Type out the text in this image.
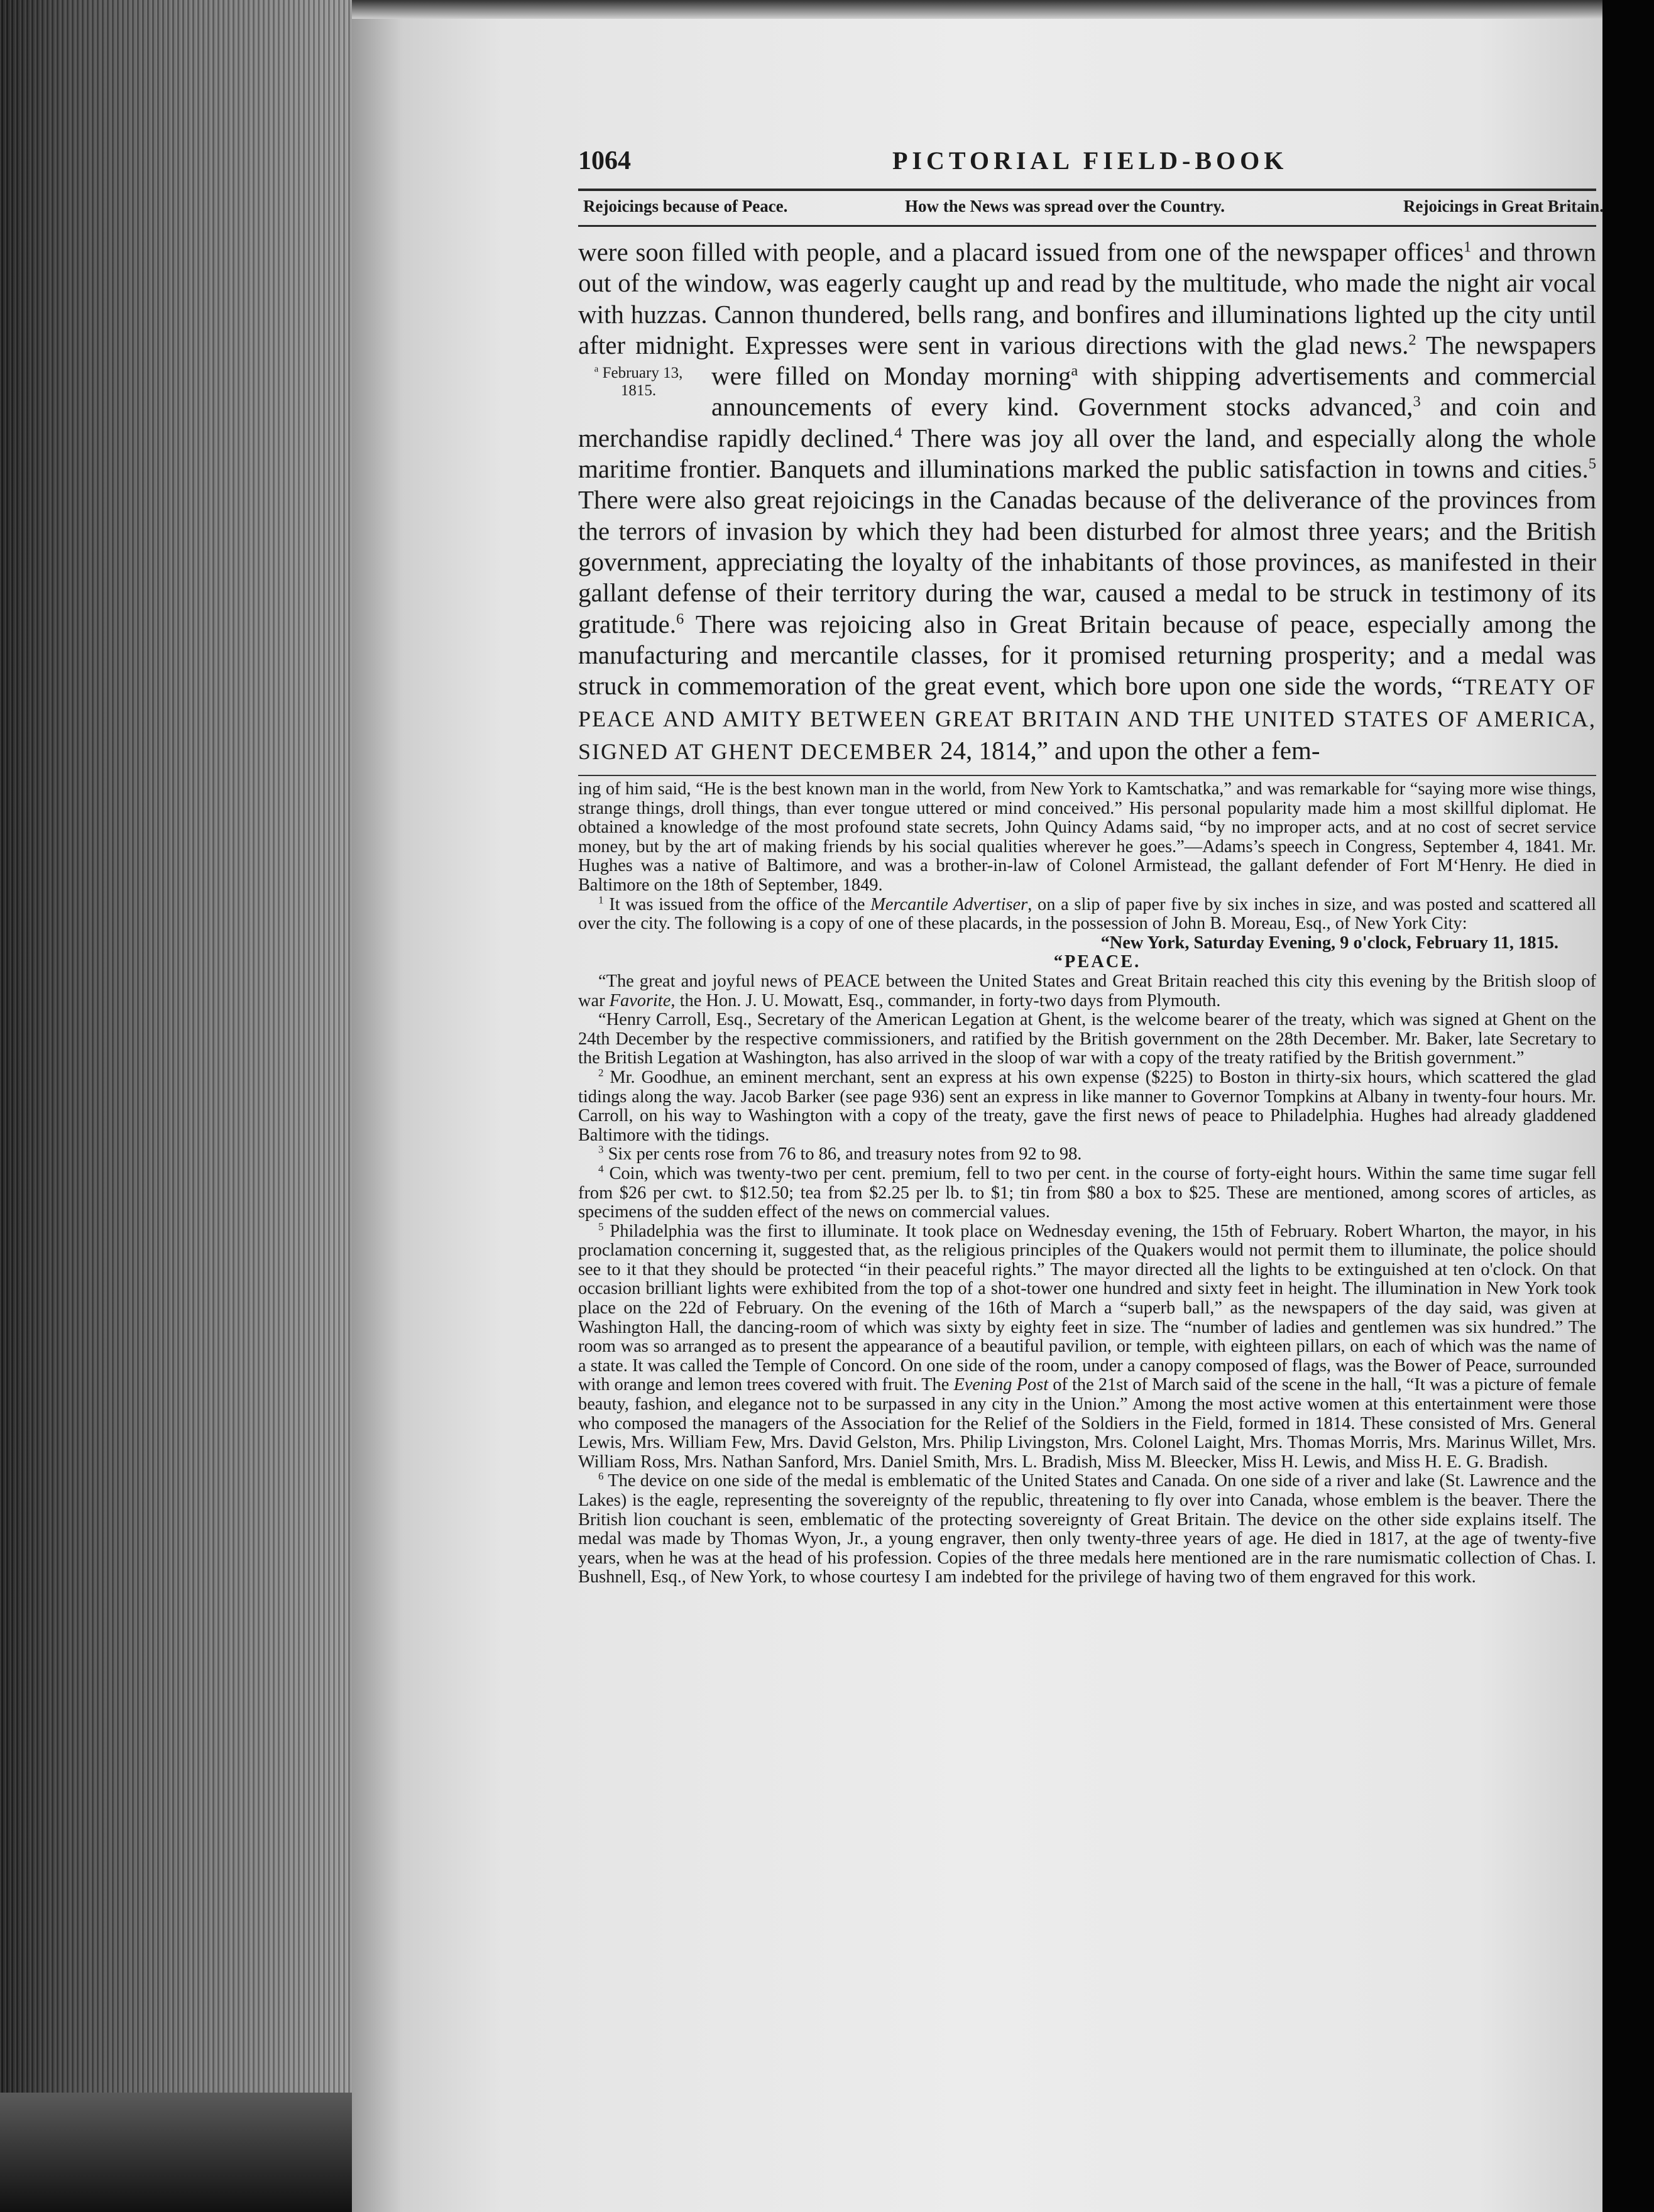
1064	PICTORIAL FIELD-BOOK
Rejoicings because of Peace.	How the News was spread over the Country.	Rejoicings in Great Britain.

were soon filled with people, and a placard issued from one of the newspaper offices$^1$ and thrown out of the window, was eagerly caught up and read by the multitude, who made the night air vocal with huzzas. Cannon thundered, bells rang, and bonfires and illuminations lighted up the city until after midnight. Expresses were sent in various directions with the glad news.$^2$ The newspapers were filled on Monday morning
$^a$ February 13,
1815.
$^a$ with shipping advertisements and commercial announcements of every kind. Government stocks advanced,$^3$ and coin and merchandise rapidly declined.$^4$ There was joy all over the land, and especially along the whole maritime frontier. Banquets and illuminations marked the public satisfaction in towns and cities.$^5$ There were also great rejoicings in the Canadas because of the deliverance of the provinces from the terrors of invasion by which they had been disturbed for almost three years; and the British government, appreciating the loyalty of the inhabitants of those provinces, as manifested in their gallant defense of their territory during the war, caused a medal to be struck in testimony of its gratitude.$^6$ There was rejoicing also in Great Britain because of peace, especially among the manufacturing and mercantile classes, for it promised returning prosperity; and a medal was struck in commemoration of the great event, which bore upon one side the words, “TREATY OF PEACE AND AMITY BETWEEN GREAT BRITAIN AND THE UNITED STATES OF AMERICA, SIGNED AT GHENT DECEMBER 24, 1814,” and upon the other a fem-

ing of him said, “He is the best known man in the world, from New York to Kamtschatka,” and was remarkable for “saying more wise things, strange things, droll things, than ever tongue uttered or mind conceived.” His personal popularity made him a most skillful diplomat. He obtained a knowledge of the most profound state secrets, John Quincy Adams said, “by no improper acts, and at no cost of secret service money, but by the art of making friends by his social qualities wherever he goes.”—Adams’s speech in Congress, September 4, 1841. Mr. Hughes was a native of Baltimore, and was a brother-in-law of Colonel Armistead, the gallant defender of Fort M‘Henry. He died in Baltimore on the 18th of September, 1849.

$^1$ It was issued from the office of the Mercantile Advertiser, on a slip of paper five by six inches in size, and was posted and scattered all over the city. The following is a copy of one of these placards, in the possession of John B. Moreau, Esq., of New York City:

“New York, Saturday Evening, 9 o'clock, February 11, 1815.

“PEACE.

“The great and joyful news of PEACE between the United States and Great Britain reached this city this evening by the British sloop of war Favorite, the Hon. J. U. Mowatt, Esq., commander, in forty-two days from Plymouth.

“Henry Carroll, Esq., Secretary of the American Legation at Ghent, is the welcome bearer of the treaty, which was signed at Ghent on the 24th December by the respective commissioners, and ratified by the British government on the 28th December. Mr. Baker, late Secretary to the British Legation at Washington, has also arrived in the sloop of war with a copy of the treaty ratified by the British government.”

$^2$ Mr. Goodhue, an eminent merchant, sent an express at his own expense ($225) to Boston in thirty-six hours, which scattered the glad tidings along the way. Jacob Barker (see page 936) sent an express in like manner to Governor Tompkins at Albany in twenty-four hours. Mr. Carroll, on his way to Washington with a copy of the treaty, gave the first news of peace to Philadelphia. Hughes had already gladdened Baltimore with the tidings.

$^3$ Six per cents rose from 76 to 86, and treasury notes from 92 to 98.

$^4$ Coin, which was twenty-two per cent. premium, fell to two per cent. in the course of forty-eight hours. Within the same time sugar fell from $26 per cwt. to $12.50; tea from $2.25 per lb. to $1; tin from $80 a box to $25. These are mentioned, among scores of articles, as specimens of the sudden effect of the news on commercial values.

$^5$ Philadelphia was the first to illuminate. It took place on Wednesday evening, the 15th of February. Robert Wharton, the mayor, in his proclamation concerning it, suggested that, as the religious principles of the Quakers would not permit them to illuminate, the police should see to it that they should be protected “in their peaceful rights.” The mayor directed all the lights to be extinguished at ten o'clock. On that occasion brilliant lights were exhibited from the top of a shot-tower one hundred and sixty feet in height. The illumination in New York took place on the 22d of February. On the evening of the 16th of March a “superb ball,” as the newspapers of the day said, was given at Washington Hall, the dancing-room of which was sixty by eighty feet in size. The “number of ladies and gentlemen was six hundred.” The room was so arranged as to present the appearance of a beautiful pavilion, or temple, with eighteen pillars, on each of which was the name of a state. It was called the Temple of Concord. On one side of the room, under a canopy composed of flags, was the Bower of Peace, surrounded with orange and lemon trees covered with fruit. The Evening Post of the 21st of March said of the scene in the hall, “It was a picture of female beauty, fashion, and elegance not to be surpassed in any city in the Union.” Among the most active women at this entertainment were those who composed the managers of the Association for the Relief of the Soldiers in the Field, formed in 1814. These consisted of Mrs. General Lewis, Mrs. William Few, Mrs. David Gelston, Mrs. Philip Livingston, Mrs. Colonel Laight, Mrs. Thomas Morris, Mrs. Marinus Willet, Mrs. William Ross, Mrs. Nathan Sanford, Mrs. Daniel Smith, Mrs. L. Bradish, Miss M. Bleecker, Miss H. Lewis, and Miss H. E. G. Bradish.

$^6$ The device on one side of the medal is emblematic of the United States and Canada. On one side of a river and lake (St. Lawrence and the Lakes) is the eagle, representing the sovereignty of the republic, threatening to fly over into Canada, whose emblem is the beaver. There the British lion couchant is seen, emblematic of the protecting sovereignty of Great Britain. The device on the other side explains itself. The medal was made by Thomas Wyon, Jr., a young engraver, then only twenty-three years of age. He died in 1817, at the age of twenty-five years, when he was at the head of his profession. Copies of the three medals here mentioned are in the rare numismatic collection of Chas. I. Bushnell, Esq., of New York, to whose courtesy I am indebted for the privilege of having two of them engraved for this work.
